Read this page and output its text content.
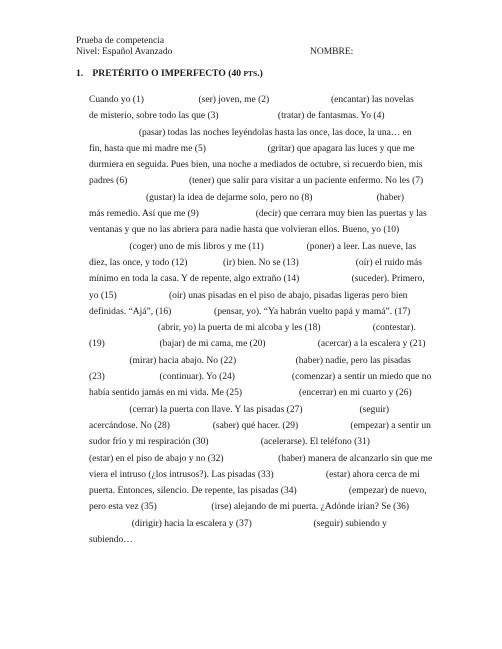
Prueba de competencia
Nivel: Español Avanzado	NOMBRE:
1. PRETÉRITO O IMPERFECTO (40 PTS.)
Cuando yo (1)                       (ser) joven, me (2)                          (encantar) las novelas
de misterio, sobre todo las que (3)                         (tratar) de fantasmas. Yo (4)
(pasar) todas las noches leyéndolas hasta las once, las doce, la una… en
fin, hasta que mi madre me (5)                          (gritar) que apagara las luces y que me
durmiera en seguida. Pues bien, una noche a mediados de octubre, si recuerdo bien, mis
padres (6)                          (tener) que salir para visitar a un paciente enfermo. No les (7)
(gustar) la idea de dejarme solo, pero no (8)                           (haber)
más remedio. Así que me (9)                        (decir) que cerrara muy bien las puertas y las
ventanas y que no las abriera para nadie hasta que volvieran ellos. Bueno, yo (10)
(coger) uno de mis libros y me (11)                  (poner) a leer. Las nueve, las
diez, las once, y todo (12)               (ir) bien. No se (13)                        (oír) el ruido más
mínimo en toda la casa. Y de repente, algo extraño (14)                      (suceder). Primero,
yo (15)                      (oír) unas pisadas en el piso de abajo, pisadas ligeras pero bien
definidas. “Ajá”, (16)                  (pensar, yo). “Ya habrán vuelto papá y mamá”. (17)
(abrir, yo) la puerta de mi alcoba y les (18)                      (contestar).
(19)                       (bajar) de mi cama, me (20)                      (acercar) a la escalera y (21)
(mirar) hacia abajo. No (22)                         (haber) nadie, pero las pisadas
(23)                       (continuar). Yo (24)                        (comenzar) a sentir un miedo que no
había sentido jamás en mi vida. Me (25)                        (encerrar) en mi cuarto y (26)
(cerrar) la puerta con llave. Y las pisadas (27)                        (seguir)
acercándose. No (28)                  (saber) qué hacer. (29)                      (empezar) a sentir un
sudor frío y mi respiración (30)                      (acelerarse). El teléfono (31)
(estar) en el piso de abajo y no (32)                       (haber) manera de alcanzarlo sin que me
viera el intruso (¿los intrusos?). Las pisadas (33)                      (estar) ahora cerca de mi
puerta. Entonces, silencio. De repente, las pisadas (34)                      (empezar) de nuevo,
pero esta vez (35)                       (irse) alejando de mi puerta. ¿Adónde irían? Se (36)
(dirigir) hacia la escalera y (37)                          (seguir) subiendo y
subiendo…
